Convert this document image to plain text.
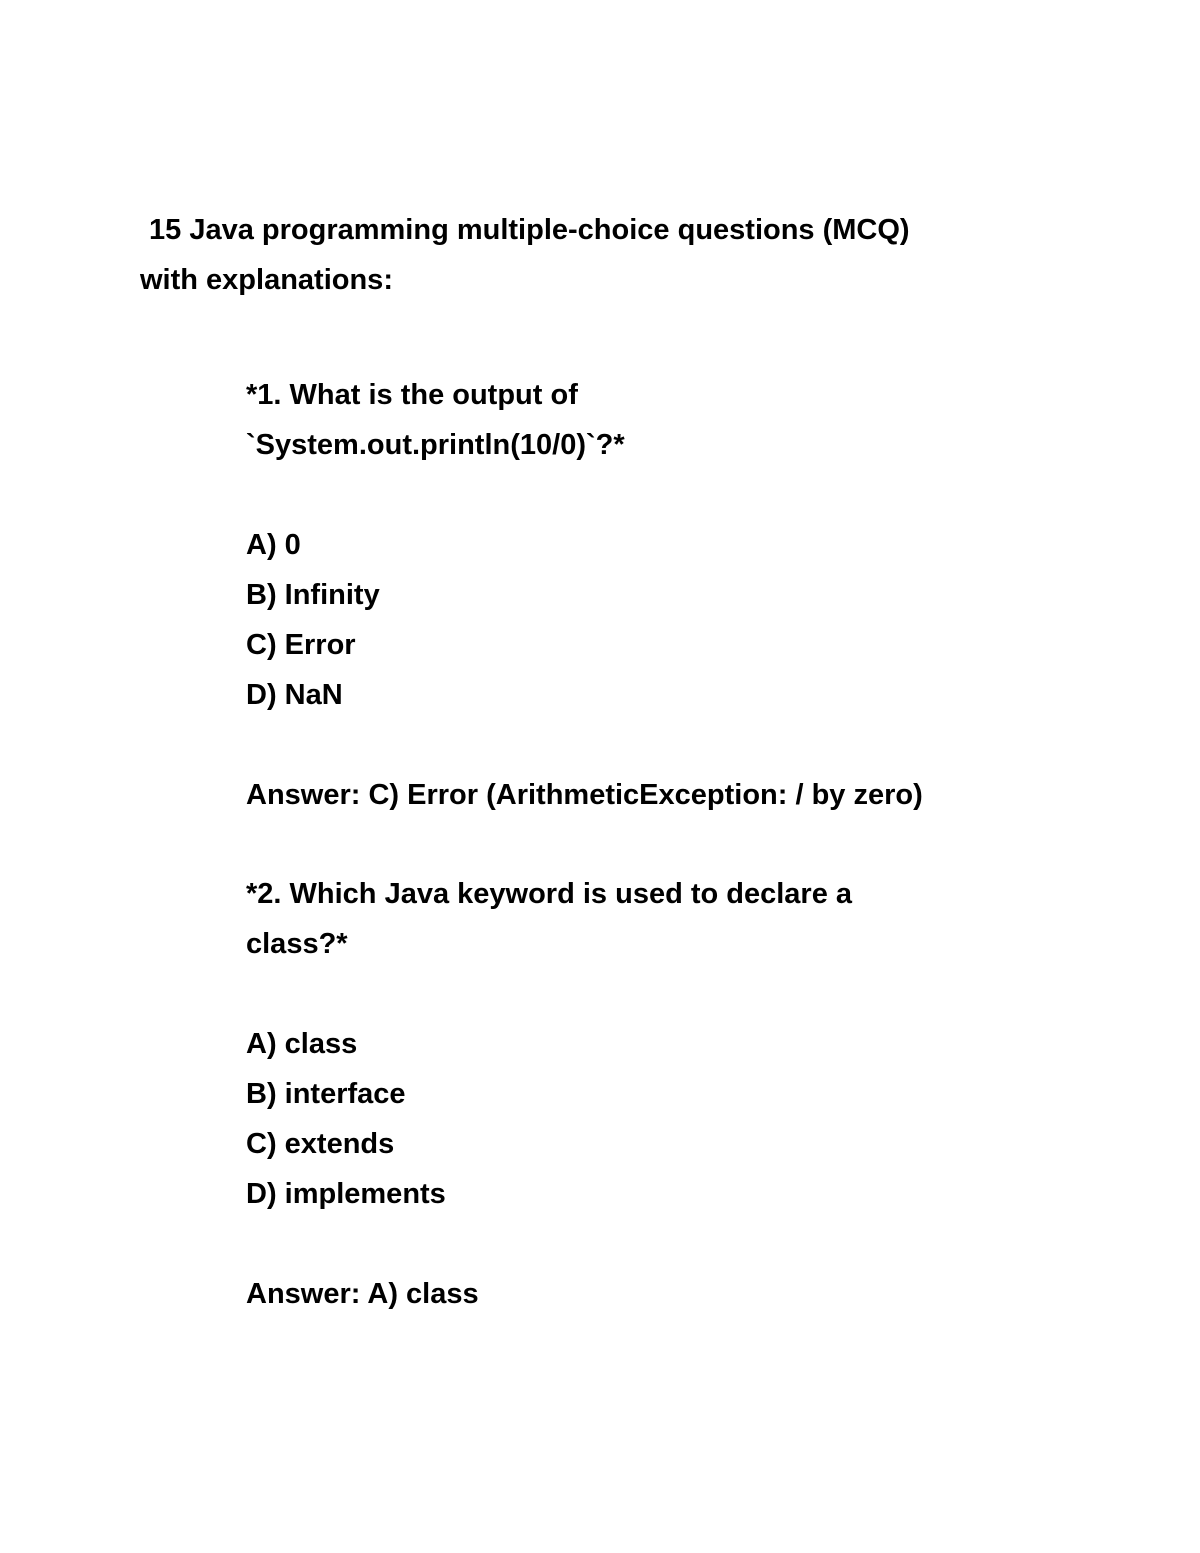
15 Java programming multiple-choice questions (MCQ)
with explanations:

*1. What is the output of
`System.out.println(10/0)`?*
A) 0
B) Infinity
C) Error
D) NaN
Answer: C) Error (ArithmeticException: / by zero)
*2. Which Java keyword is used to declare a
class?*
A) class
B) interface
C) extends
D) implements
Answer: A) class
